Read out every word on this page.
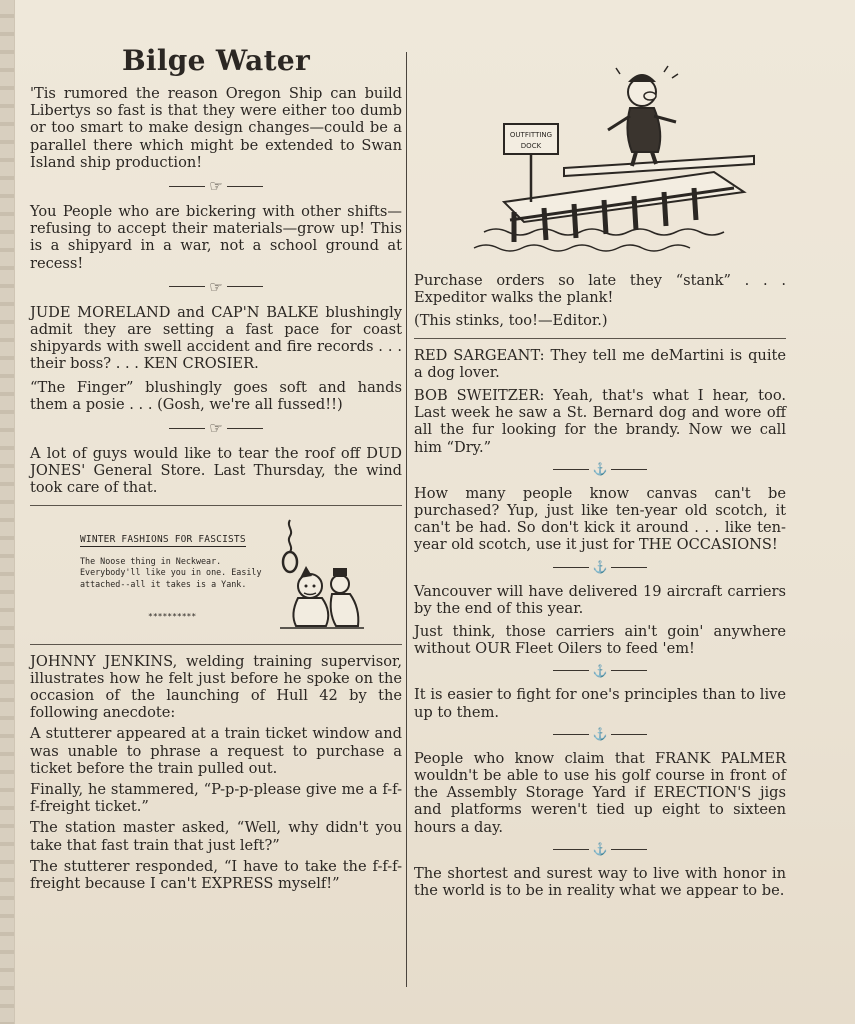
Bilge Water

'Tis rumored the reason Oregon Ship can build Libertys so fast is that they were either too dumb or too smart to make design changes—could be a parallel there which might be extended to Swan Island ship production!

☞

You People who are bickering with other shifts—refusing to accept their materials—grow up! This is a shipyard in a war, not a school ground at recess!

☞

JUDE MORELAND and CAP'N BALKE blushingly admit they are setting a fast pace for coast shipyards with swell accident and fire records . . . their boss? . . . KEN CROSIER.

“The Finger” blushingly goes soft and hands them a posie . . . (Gosh, we're all fussed!!)

☞

A lot of guys would like to tear the roof off DUD JONES' General Store. Last Thursday, the wind took care of that.

WINTER FASHIONS FOR FASCISTS
The Noose thing in Neckwear. Everybody'll like you in one. Easily attached--all it takes is a Yank.
**********

JOHNNY JENKINS, welding training supervisor, illustrates how he felt just before he spoke on the occasion of the launching of Hull 42 by the following anecdote:

A stutterer appeared at a train ticket window and was unable to phrase a request to purchase a ticket before the train pulled out.

Finally, he stammered, “P-p-p-please give me a f-f-f-freight ticket.”

The station master asked, “Well, why didn't you take that fast train that just left?”

The stutterer responded, “I have to take the f-f-f-freight because I can't EXPRESS myself!”

OUTFITTING
DOCK

Purchase orders so late they “stank” . . . Expeditor walks the plank!

(This stinks, too!—Editor.)

RED SARGEANT: They tell me deMartini is quite a dog lover.

BOB SWEITZER: Yeah, that's what I hear, too. Last week he saw a St. Bernard dog and wore off all the fur looking for the brandy. Now we call him “Dry.”

⚓

How many people know canvas can't be purchased? Yup, just like ten-year old scotch, it can't be had. So don't kick it around . . . like ten-year old scotch, use it just for THE OCCASIONS!

⚓

Vancouver will have delivered 19 aircraft carriers by the end of this year.

Just think, those carriers ain't goin' anywhere without OUR Fleet Oilers to feed 'em!

⚓

It is easier to fight for one's principles than to live up to them.

⚓

People who know claim that FRANK PALMER wouldn't be able to use his golf course in front of the Assembly Storage Yard if ERECTION'S jigs and platforms weren't tied up eight to sixteen hours a day.

⚓

The shortest and surest way to live with honor in the world is to be in reality what we appear to be.
